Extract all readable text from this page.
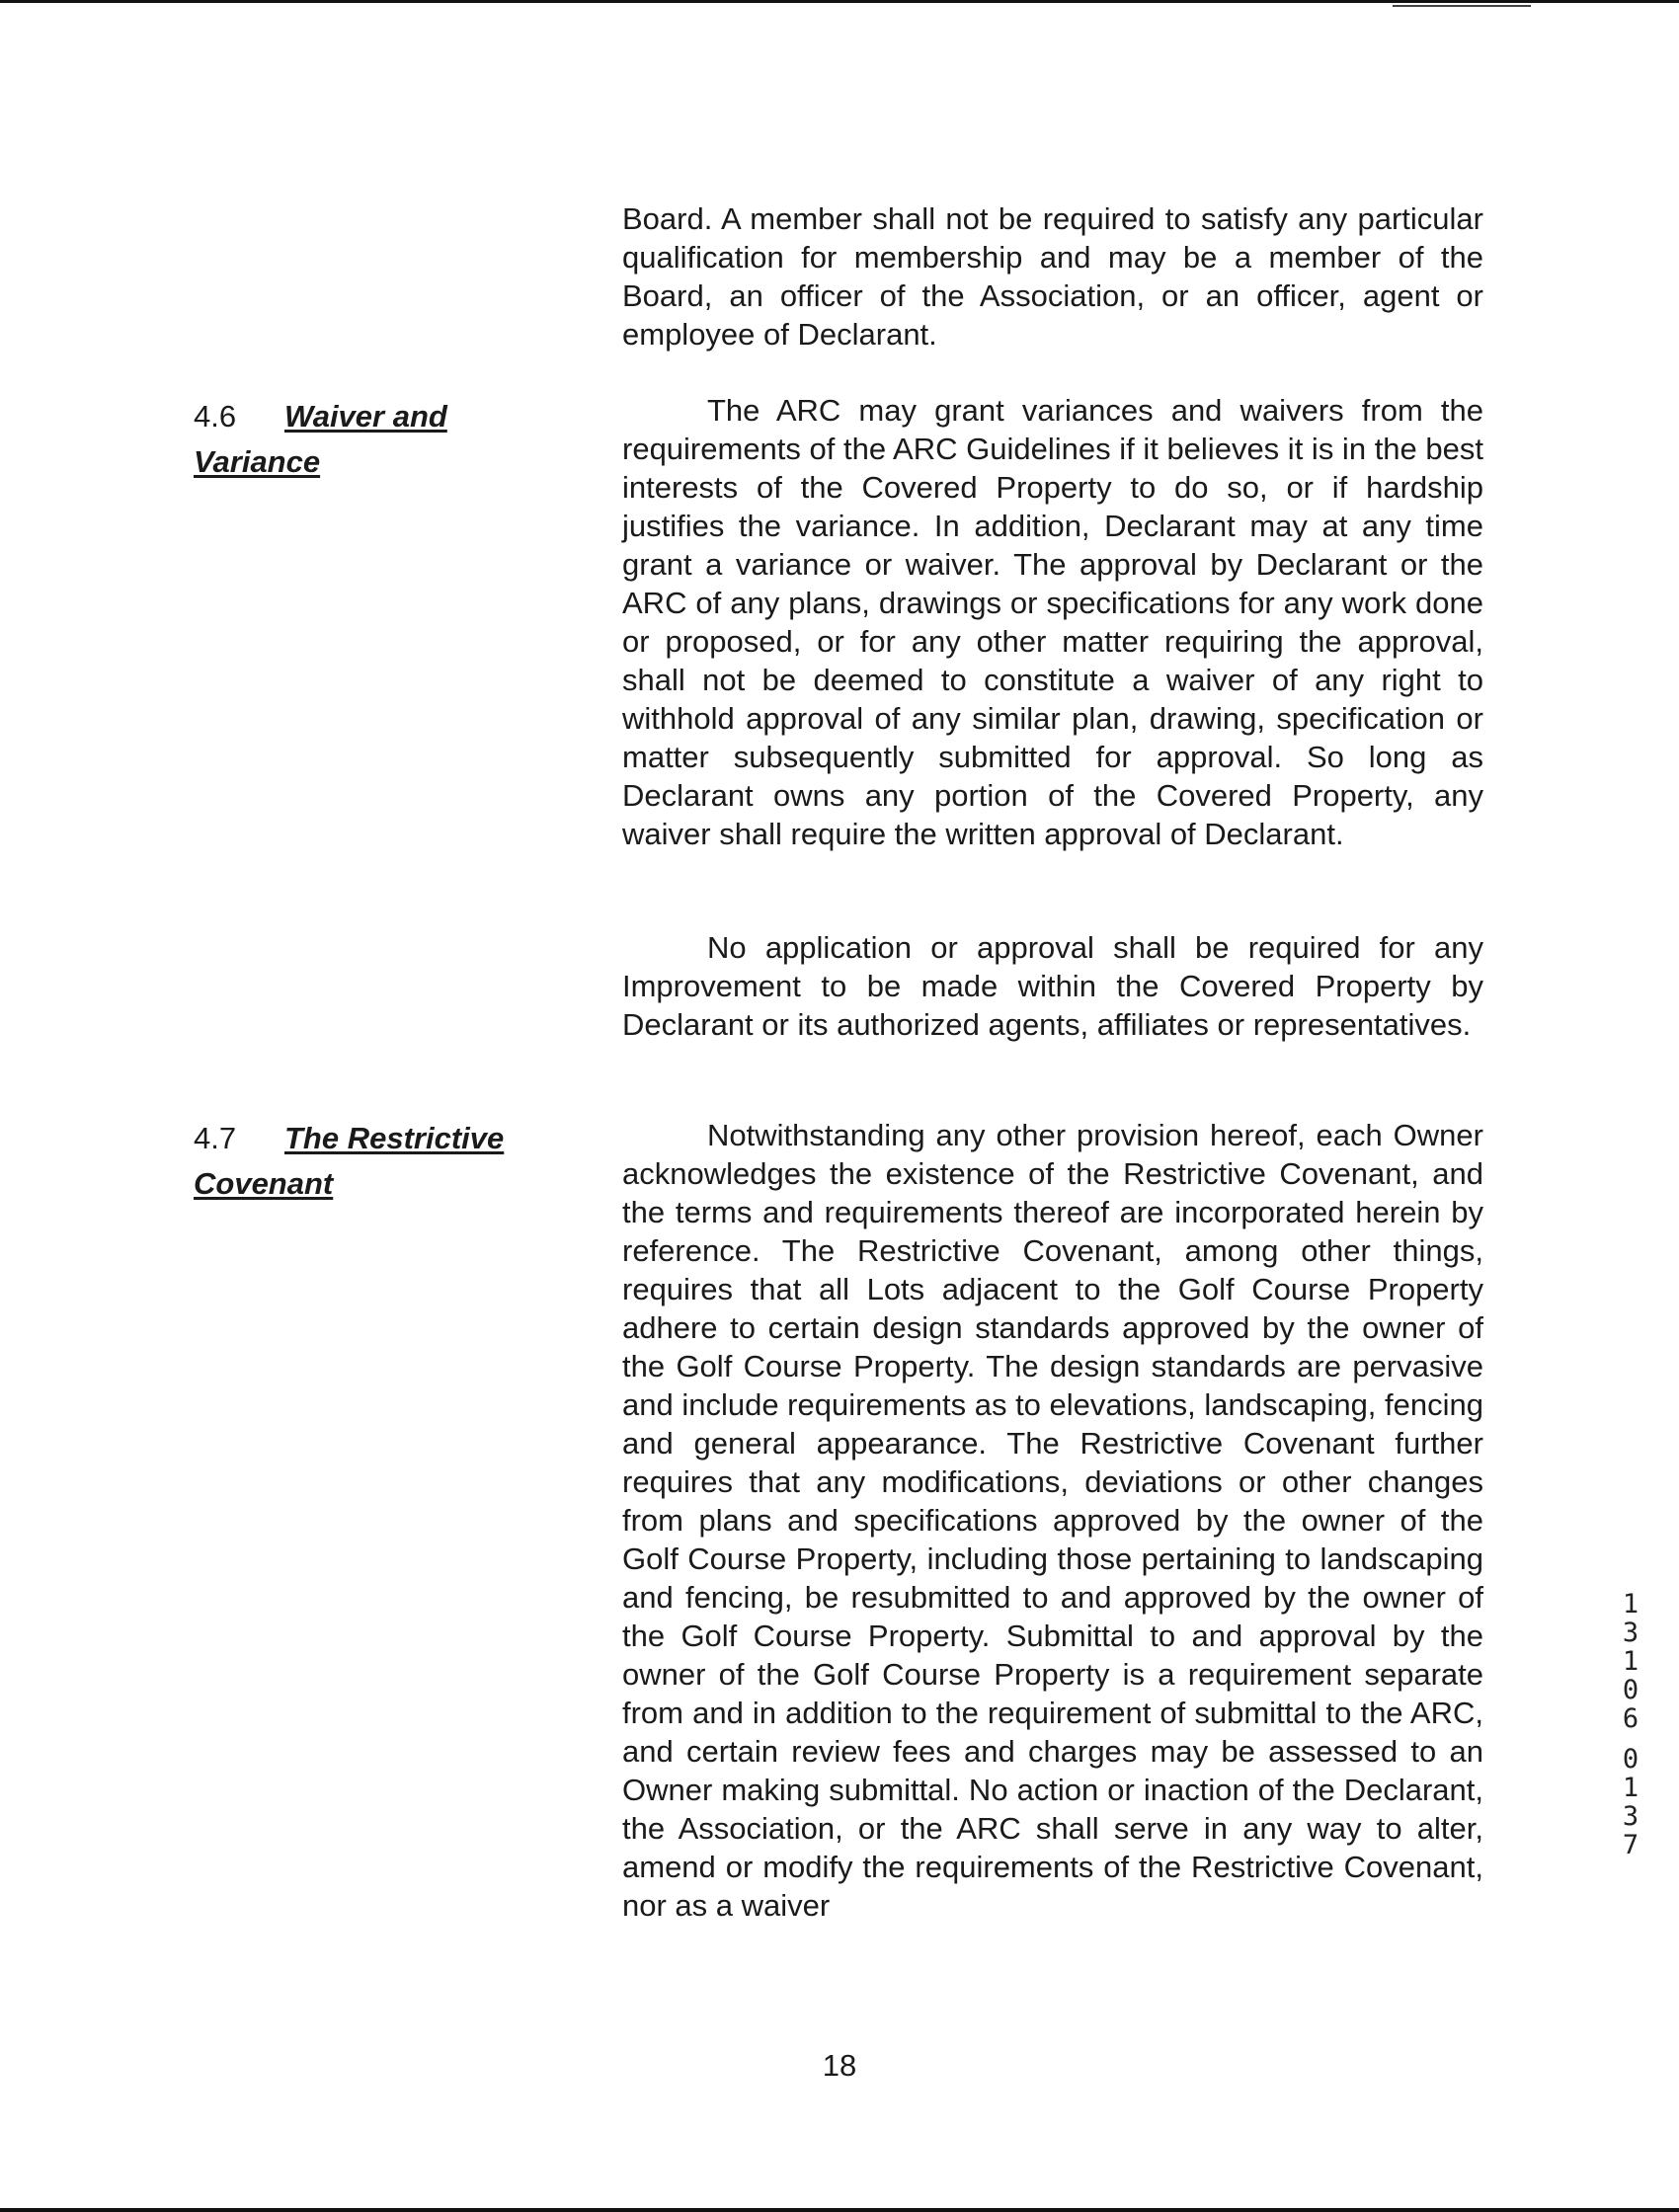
Board. A member shall not be required to satisfy any particular qualification for membership and may be a member of the Board, an officer of the Association, or an officer, agent or employee of Declarant.

4.6 Waiver and Variance

The ARC may grant variances and waivers from the requirements of the ARC Guidelines if it believes it is in the best interests of the Covered Property to do so, or if hardship justifies the variance. In addition, Declarant may at any time grant a variance or waiver. The approval by Declarant or the ARC of any plans, drawings or specifications for any work done or proposed, or for any other matter requiring the approval, shall not be deemed to constitute a waiver of any right to withhold approval of any similar plan, drawing, specification or matter subsequently submitted for approval. So long as Declarant owns any portion of the Covered Property, any waiver shall require the written approval of Declarant.

No application or approval shall be required for any Improvement to be made within the Covered Property by Declarant or its authorized agents, affiliates or representatives.

4.7 The Restrictive Covenant

Notwithstanding any other provision hereof, each Owner acknowledges the existence of the Restrictive Covenant, and the terms and requirements thereof are incorporated herein by reference. The Restrictive Covenant, among other things, requires that all Lots adjacent to the Golf Course Property adhere to certain design standards approved by the owner of the Golf Course Property. The design standards are pervasive and include requirements as to elevations, landscaping, fencing and general appearance. The Restrictive Covenant further requires that any modifications, deviations or other changes from plans and specifications approved by the owner of the Golf Course Property, including those pertaining to landscaping and fencing, be resubmitted to and approved by the owner of the Golf Course Property. Submittal to and approval by the owner of the Golf Course Property is a requirement separate from and in addition to the requirement of submittal to the ARC, and certain review fees and charges may be assessed to an Owner making submittal. No action or inaction of the Declarant, the Association, or the ARC shall serve in any way to alter, amend or modify the requirements of the Restrictive Covenant, nor as a waiver

18
1
3
1
0
6
0
1
3
7
